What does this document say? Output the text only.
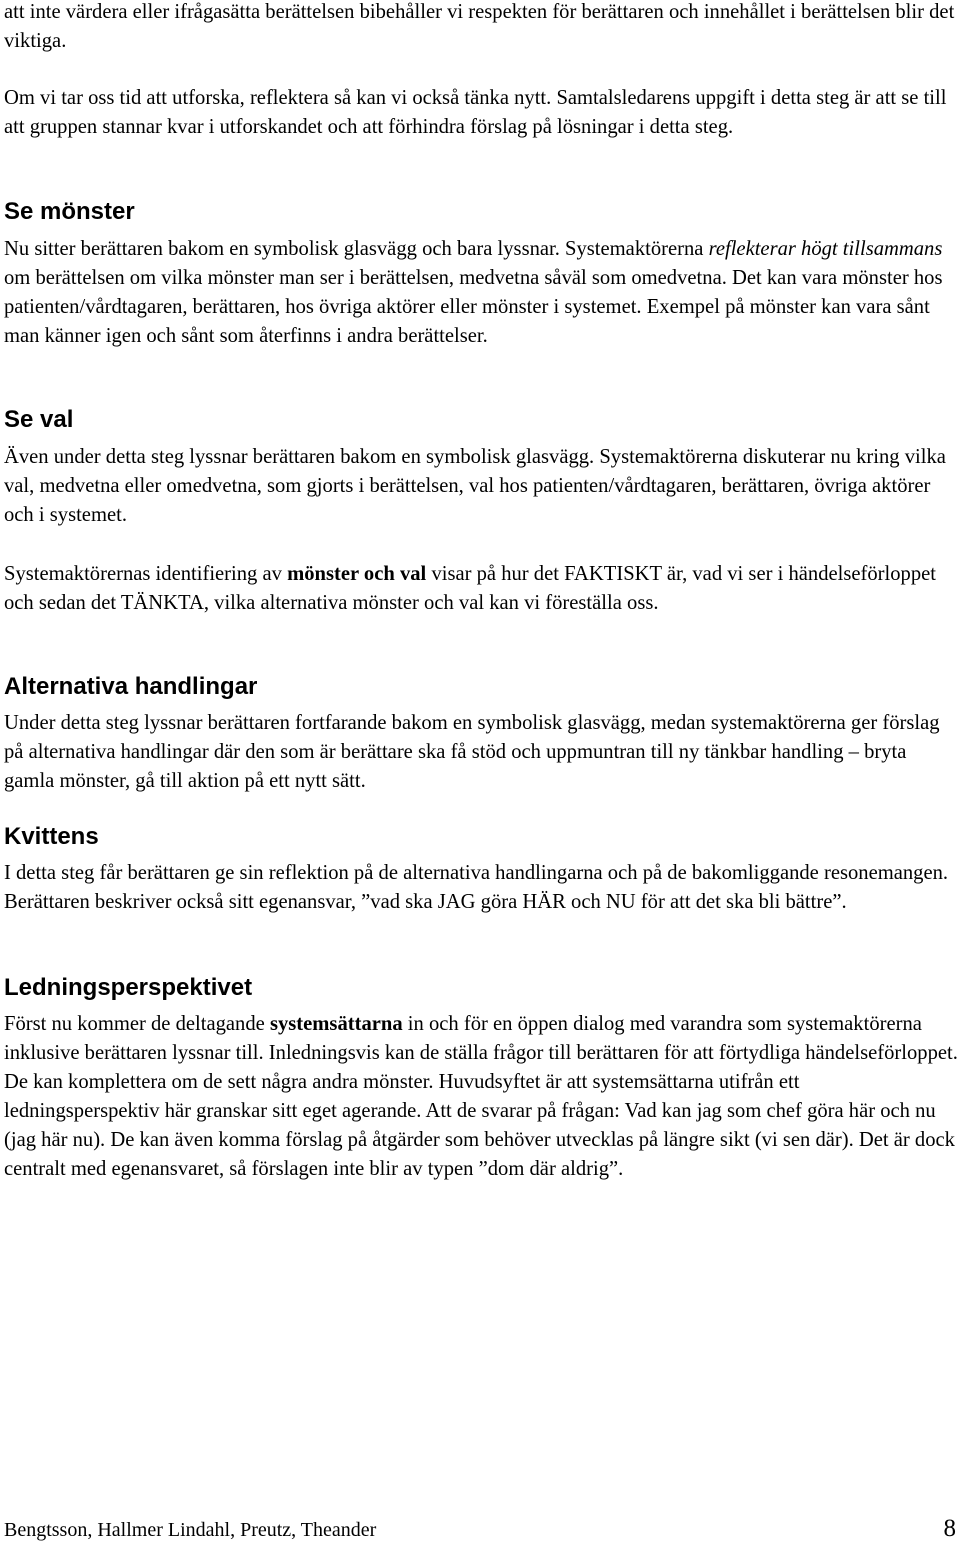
att inte värdera eller ifrågasätta berättelsen bibehåller vi respekten för berättaren och innehållet i berättelsen blir det viktiga.

Om vi tar oss tid att utforska, reflektera så kan vi också tänka nytt. Samtalsledarens uppgift i detta steg är att se till att gruppen stannar kvar i utforskandet och att förhindra förslag på lösningar i detta steg.

Se mönster

Nu sitter berättaren bakom en symbolisk glasvägg och bara lyssnar. Systemaktörerna reflekterar högt tillsammans om berättelsen om vilka mönster man ser i berättelsen, medvetna såväl som omedvetna. Det kan vara mönster hos patienten/vårdtagaren, berättaren, hos övriga aktörer eller mönster i systemet. Exempel på mönster kan vara sånt man känner igen och sånt som återfinns i andra berättelser.

Se val

Även under detta steg lyssnar berättaren bakom en symbolisk glasvägg. Systemaktörerna diskuterar nu kring vilka val, medvetna eller omedvetna, som gjorts i berättelsen, val hos patienten/vårdtagaren, berättaren, övriga aktörer och i systemet.

Systemaktörernas identifiering av mönster och val visar på hur det FAKTISKT är, vad vi ser i händelseförloppet och sedan det TÄNKTA, vilka alternativa mönster och val kan vi föreställa oss.

Alternativa handlingar

Under detta steg lyssnar berättaren fortfarande bakom en symbolisk glasvägg, medan systemaktörerna ger förslag på alternativa handlingar där den som är berättare ska få stöd och uppmuntran till ny tänkbar handling – bryta gamla mönster, gå till aktion på ett nytt sätt.

Kvittens

I detta steg får berättaren ge sin reflektion på de alternativa handlingarna och på de bakomliggande resonemangen. Berättaren beskriver också sitt egenansvar, ”vad ska JAG göra HÄR och NU för att det ska bli bättre”.

Ledningsperspektivet

Först nu kommer de deltagande systemsättarna in och för en öppen dialog med varandra som systemaktörerna inklusive berättaren lyssnar till. Inledningsvis kan de ställa frågor till berättaren för att förtydliga händelseförloppet. De kan komplettera om de sett några andra mönster. Huvudsyftet är att systemsättarna utifrån ett ledningsperspektiv här granskar sitt eget agerande. Att de svarar på frågan: Vad kan jag som chef göra här och nu (jag här nu). De kan även komma förslag på åtgärder som behöver utvecklas på längre sikt (vi sen där). Det är dock centralt med egenansvaret, så förslagen inte blir av typen ”dom där aldrig”.

Bengtsson, Hallmer Lindahl, Preutz, Theander	8
